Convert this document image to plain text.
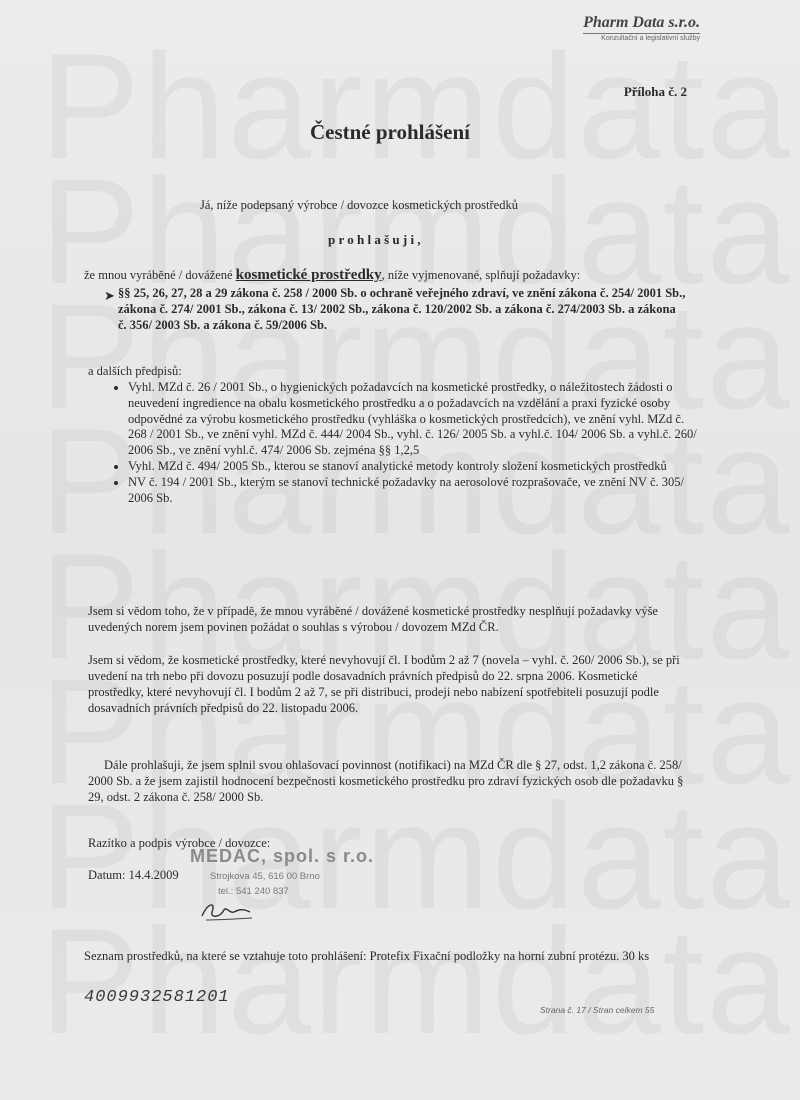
Pharm Data s.r.o.
Konzultační a legislativní služby
Příloha č. 2
Čestné prohlášení
Já, níže podepsaný výrobce / dovozce kosmetických prostředků
p r o h l a š u j i ,
že mnou vyráběné / dovážené kosmetické prostředky, níže vyjmenované, splňují požadavky:
➤ §§ 25, 26, 27, 28 a 29 zákona č. 258 / 2000 Sb. o ochraně veřejného zdraví, ve znění zákona č. 254/ 2001 Sb., zákona č. 274/ 2001 Sb., zákona č. 13/ 2002 Sb., zákona č. 120/2002 Sb. a zákona č. 274/2003 Sb. a zákona č. 356/ 2003 Sb. a zákona č. 59/2006 Sb.
a dalších předpisů:
• Vyhl. MZd č. 26 / 2001 Sb., o hygienických požadavcích na kosmetické prostředky, o náležitostech žádosti o neuvedení ingredience na obalu kosmetického prostředku a o požadavcích na vzdělání a praxi fyzické osoby odpovědné za výrobu kosmetického prostředku (vyhláška o kosmetických prostředcích), ve znění vyhl. MZd č. 268 / 2001 Sb., ve znění vyhl. MZd č. 444/ 2004 Sb., vyhl. č. 126/ 2005 Sb. a vyhl.č. 104/ 2006 Sb. a vyhl.č. 260/ 2006 Sb., ve znění vyhl.č. 474/ 2006 Sb. zejména §§ 1,2,5
• Vyhl. MZd č. 494/ 2005 Sb., kterou se stanoví analytické metody kontroly složení kosmetických prostředků
• NV č. 194 / 2001 Sb., kterým se stanoví technické požadavky na aerosolové rozprašovače, ve znění NV č. 305/ 2006 Sb.
Jsem si vědom toho, že v případě, že mnou vyráběné / dovážené kosmetické prostředky nesplňují požadavky výše uvedených norem jsem povinen požádat o souhlas s výrobou / dovozem MZd ČR.
Jsem si vědom, že kosmetické prostředky, které nevyhovují čl. I bodům 2 až 7 (novela – vyhl. č. 260/ 2006 Sb.), se při uvedení na trh nebo při dovozu posuzují podle dosavadních právních předpisů do 22. srpna 2006. Kosmetické prostředky, které nevyhovují čl. I bodům 2 až 7, se při distribuci, prodeji nebo nabízení spotřebiteli posuzují podle dosavadních právních předpisů do 22. listopadu 2006.
Dále prohlašuji, že jsem splnil svou ohlašovací povinnost (notifikaci) na MZd ČR dle § 27, odst. 1,2 zákona č. 258/ 2000 Sb. a že jsem zajistil hodnocení bezpečnosti kosmetického prostředku pro zdraví fyzických osob dle požadavku § 29, odst. 2 zákona č. 258/ 2000 Sb.
Razítko a podpis výrobce / dovozce:
MEDAC, spol. s r.o.
Datum: 14.4.2009	Strojkova 45, 616 00 Brno
tel.: 541 240 837
Seznam prostředků, na které se vztahuje toto prohlášení: Protefix Fixační podložky na horní zubní protézu. 30 ks
4009932581201
Strana č. 17 / Stran celkem 55
